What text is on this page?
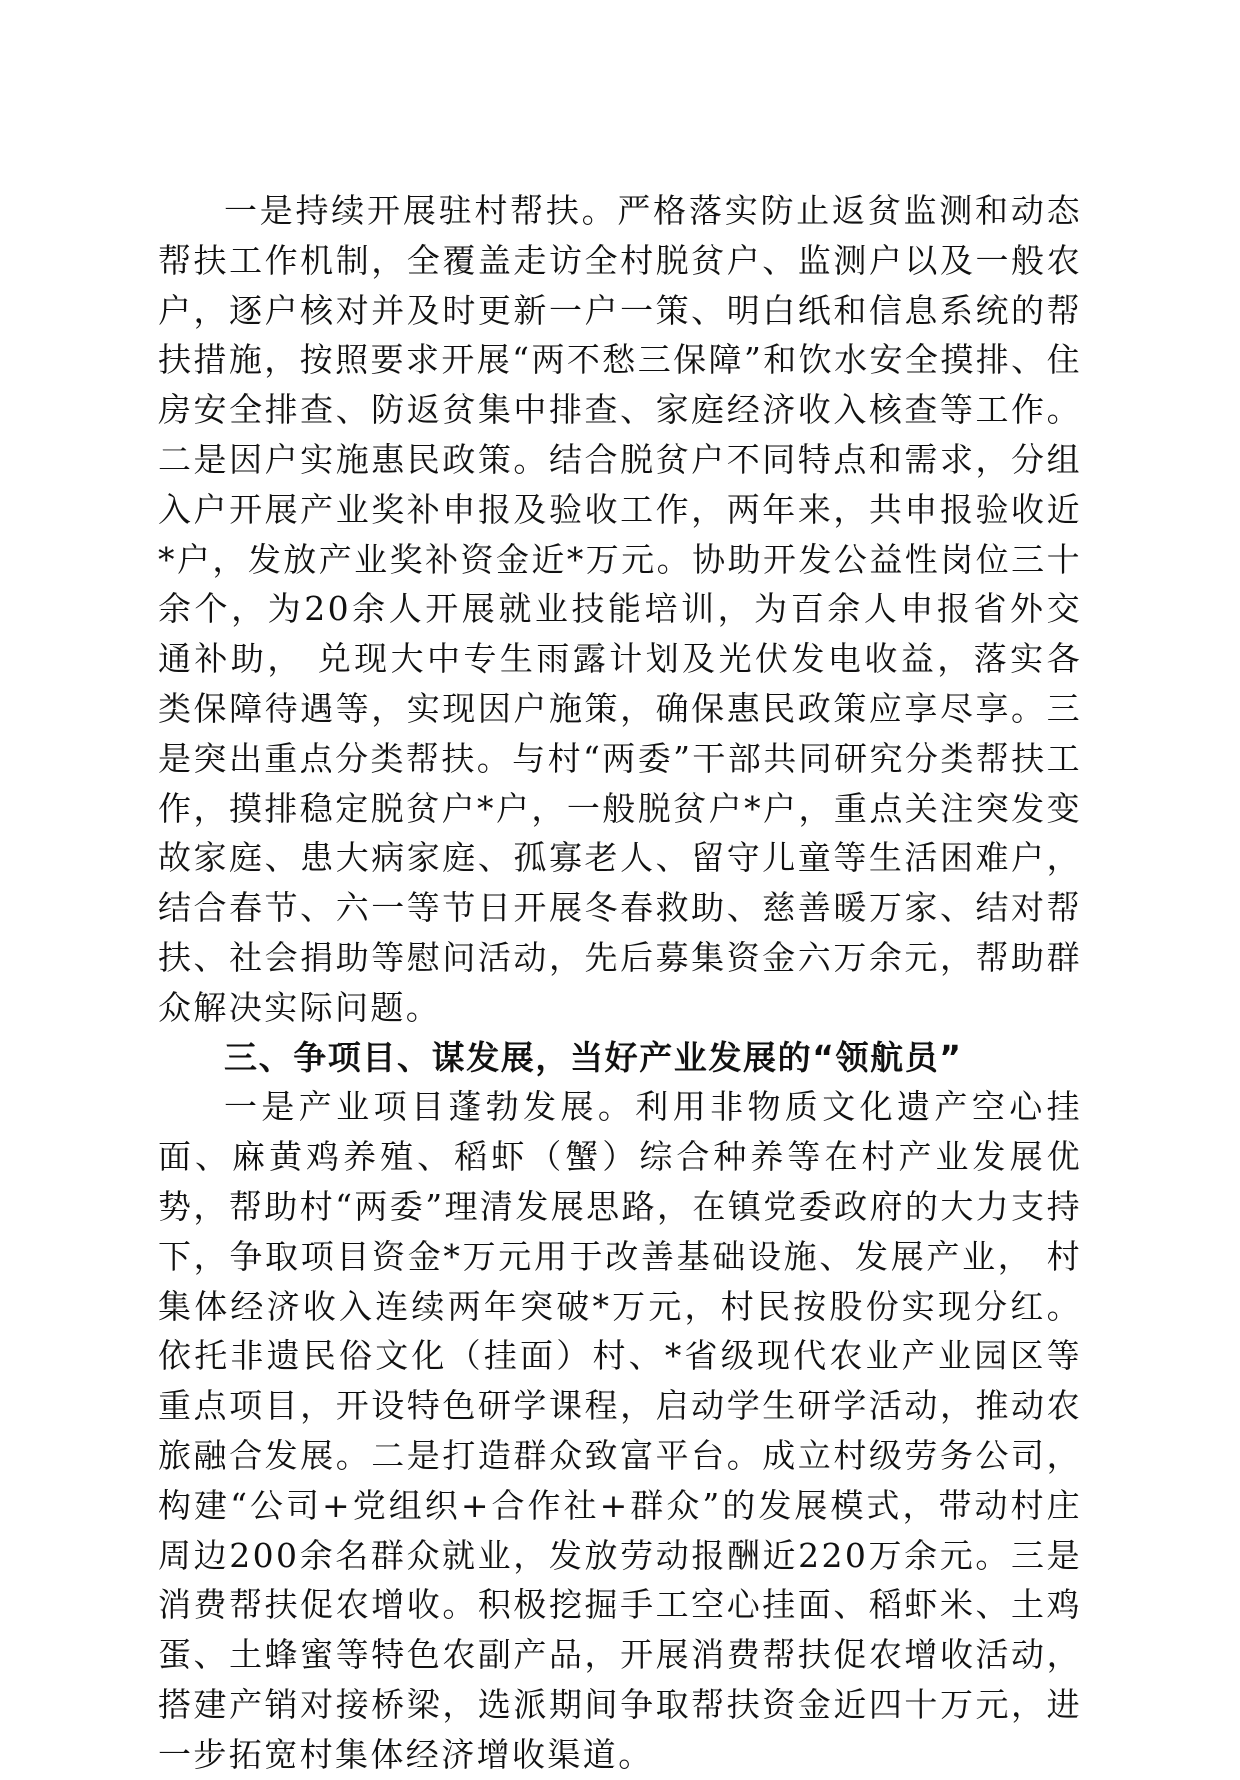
一是持续开展驻村帮扶。严格落实防止返贫监测和动态帮扶工作机制，全覆盖走访全村脱贫户、监测户以及一般农户，逐户核对并及时更新一户一策、明白纸和信息系统的帮扶措施，按照要求开展“两不愁三保障”和饮水安全摸排、住房安全排查、防返贫集中排查、家庭经济收入核查等工作。二是因户实施惠民政策。结合脱贫户不同特点和需求，分组入户开展产业奖补申报及验收工作，两年来，共申报验收近*户，发放产业奖补资金近*万元。协助开发公益性岗位三十余个，为20余人开展就业技能培训，为百余人申报省外交通补助， 兑现大中专生雨露计划及光伏发电收益，落实各类保障待遇等，实现因户施策，确保惠民政策应享尽享。三是突出重点分类帮扶。与村“两委”干部共同研究分类帮扶工作，摸排稳定脱贫户*户，一般脱贫户*户，重点关注突发变故家庭、患大病家庭、孤寡老人、留守儿童等生活困难户，结合春节、六一等节日开展冬春救助、慈善暖万家、结对帮扶、社会捐助等慰问活动，先后募集资金六万余元，帮助群众解决实际问题。

三、争项目、谋发展，当好产业发展的“领航员”

一是产业项目蓬勃发展。利用非物质文化遗产空心挂面、麻黄鸡养殖、稻虾（蟹）综合种养等在村产业发展优势，帮助村“两委”理清发展思路，在镇党委政府的大力支持下，争取项目资金*万元用于改善基础设施、发展产业， 村集体经济收入连续两年突破*万元，村民按股份实现分红。依托非遗民俗文化（挂面）村、*省级现代农业产业园区等重点项目，开设特色研学课程，启动学生研学活动，推动农旅融合发展。二是打造群众致富平台。成立村级劳务公司，构建“公司+党组织+合作社+群众”的发展模式，带动村庄周边200余名群众就业，发放劳动报酬近220万余元。三是消费帮扶促农增收。积极挖掘手工空心挂面、稻虾米、土鸡蛋、土蜂蜜等特色农副产品，开展消费帮扶促农增收活动，搭建产销对接桥梁，选派期间争取帮扶资金近四十万元，进一步拓宽村集体经济增收渠道。
